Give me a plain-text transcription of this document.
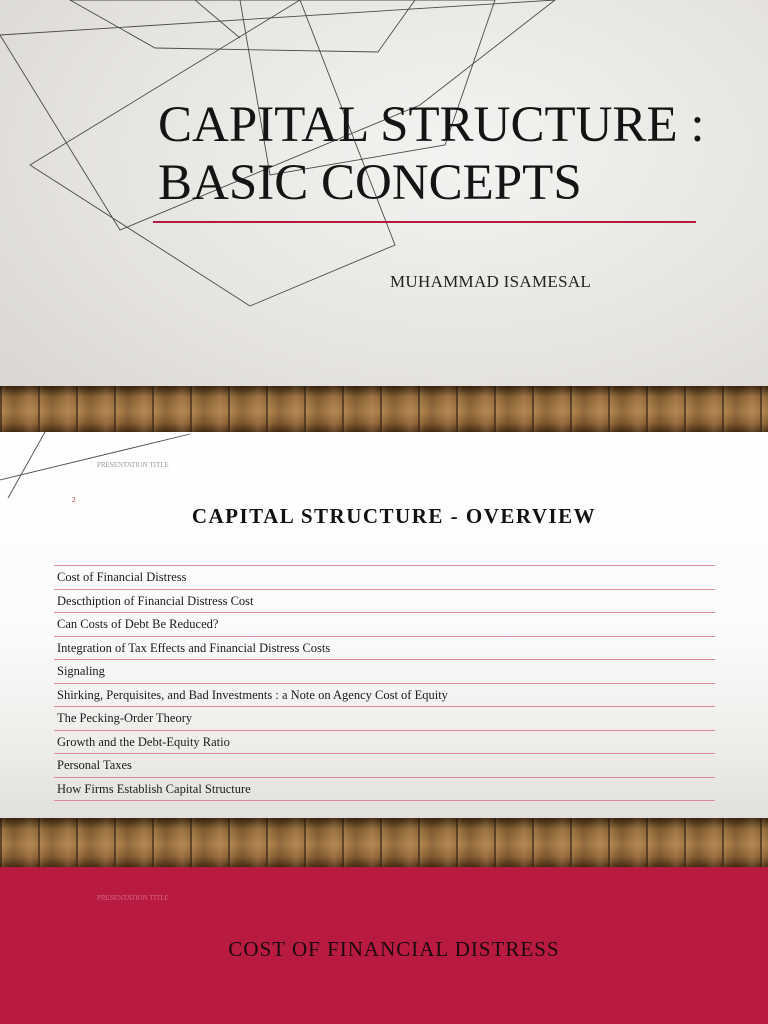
CAPITAL STRUCTURE : BASIC CONCEPTS
MUHAMMAD ISAMESAL
PRESENTATION TITLE
2
CAPITAL STRUCTURE - OVERVIEW
Cost of Financial Distress
Descthiption of Financial Distress Cost
Can Costs of Debt Be Reduced?
Integration of Tax Effects and Financial Distress Costs
Signaling
Shirking, Perquisites, and Bad Investments : a Note on Agency Cost of Equity
The Pecking-Order Theory
Growth and the Debt-Equity Ratio
Personal Taxes
How Firms Establish Capital Structure
PRESENTATION TITLE
COST OF FINANCIAL DISTRESS
